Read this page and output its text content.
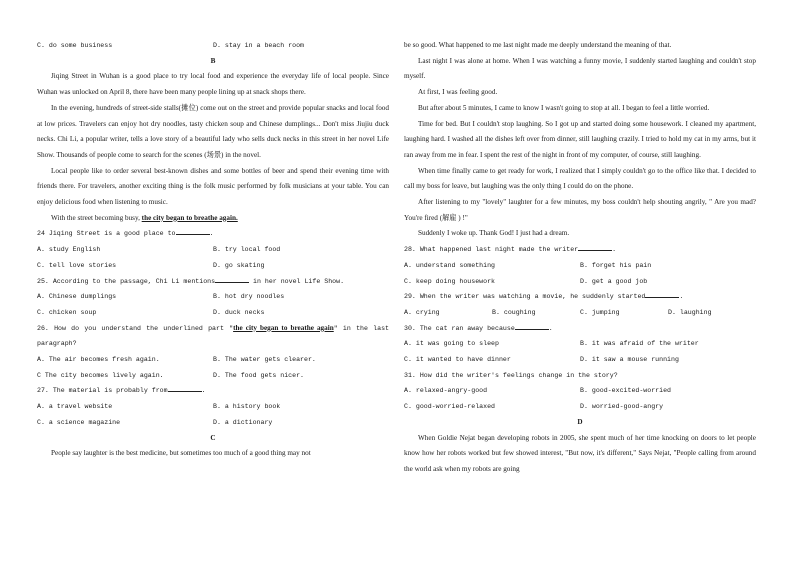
C. do some business	D. stay in a beach room

B

Jiqing Street in Wuhan is a good place to try local food and experience the everyday life of local people. Since Wuhan was unlocked on April 8, there have been many people lining up at snack shops there.

In the evening, hundreds of street-side stalls(摊位) come out on the street and provide popular snacks and local food at low prices. Travelers can enjoy hot dry noodles, tasty chicken soup and Chinese dumplings... Don't miss Jiujiu duck necks. Chi Li, a popular writer, tells a love story of a beautiful lady who sells duck necks in this street in her novel Life Show. Thousands of people come to search for the scenes (场景) in the novel.

Local people like to order several best-known dishes and some bottles of beer and spend their evening time with friends there. For travelers, another exciting thing is the folk music performed by folk musicians at your table. You can enjoy delicious food when listening to music.

With the street becoming busy, the city began to breathe again.

24 Jiqing Street is a good place to	.

A. study English	B. try local food
C. tell love stories	D. go skating

25. According to the passage, Chi Li mentions	in her novel Life Show.

A. Chinese dumplings	B. hot dry noodles
C. chicken soup	D. duck necks

26. How do you understand the underlined part "the city began to breathe again" in the last paragraph?

A. The air becomes fresh again.	B. The water gets clearer.
C The city becomes lively again.	D. The food gets nicer.

27. The material is probably from	.

A. a travel website	B. a history book
C. a science magazine	D. a dictionary

C

People say laughter is the best medicine, but sometimes too much of a good thing may not

be so good. What happened to me last night made me deeply understand the meaning of that.

Last night I was alone at home. When I was watching a funny movie, I suddenly started laughing and couldn't stop myself.

At first, I was feeling good.

But after about 5 minutes, I came to know I wasn't going to stop at all. I began to feel a little worried.

Time for bed. But I couldn't stop laughing. So I got up and started doing some housework. I cleaned my apartment, laughing hard. I washed all the dishes left over from dinner, still laughing crazily. I tried to hold my cat in my arms, but it ran away from me in fear. I spent the rest of the night in front of my computer, of course, still laughing.

When time finally came to get ready for work, I realized that I simply couldn't go to the office like that. I decided to call my boss for leave, but laughing was the only thing I could do on the phone.

After listening to my "lovely" laughter for a few minutes, my boss couldn't help shouting angrily, " Are you mad? You're fired (解雇 ) !"

Suddenly I woke up. Thank God! I just had a dream.

28. What happened last night made the writer	.

A. understand something	B. forget his pain
C. keep doing housework	D. get a good job

29. When the writer was watching a movie, he suddenly started	.

A. crying	B. coughing	C. jumping	D. laughing

30. The cat ran away because	.

A. it was going to sleep	B. it was afraid of the writer
C. it wanted to have dinner	D. it saw a mouse running

31. How did the writer's feelings change in the story?

A. relaxed-angry-good	B. good-excited-worried
C. good-worried-relaxed	D. worried-good-angry

D

When Goldie Nejat began developing robots in 2005, she spent much of her time knocking on doors to let people know how her robots worked but few showed interest, "But now, it's different," Says Nejat, "People calling from around the world ask when my robots are going
